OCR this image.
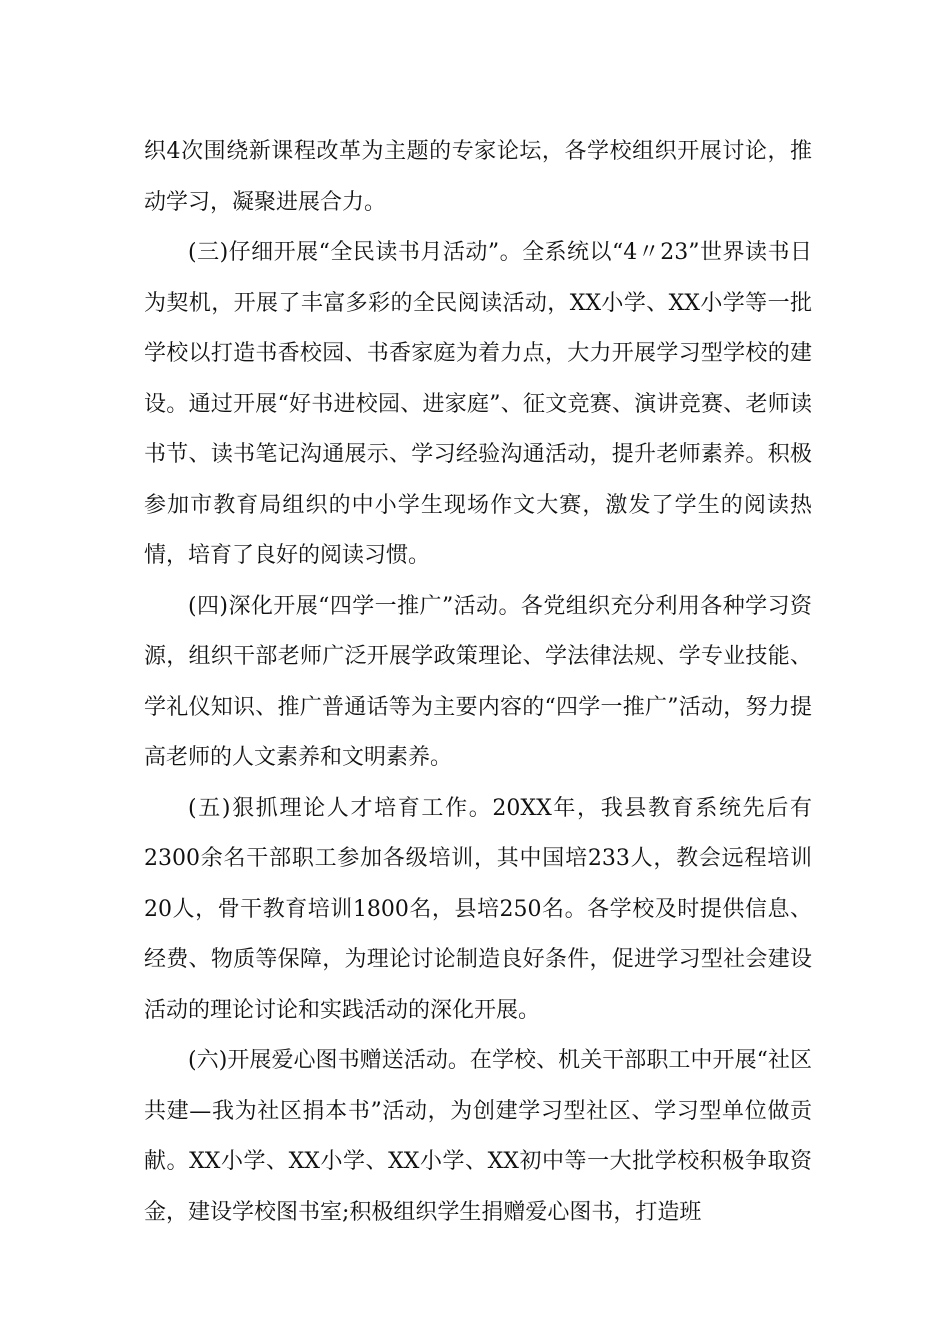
织4次围绕新课程改革为主题的专家论坛，各学校组织开展讨论，推动学习，凝聚进展合力。

(三)仔细开展“全民读书月活动”。全系统以“4〃23”世界读书日为契机，开展了丰富多彩的全民阅读活动，XX小学、XX小学等一批学校以打造书香校园、书香家庭为着力点，大力开展学习型学校的建设。通过开展“好书进校园、进家庭”、征文竞赛、演讲竞赛、老师读书节、读书笔记沟通展示、学习经验沟通活动，提升老师素养。积极参加市教育局组织的中小学生现场作文大赛，激发了学生的阅读热情，培育了良好的阅读习惯。

(四)深化开展“四学一推广”活动。各党组织充分利用各种学习资源，组织干部老师广泛开展学政策理论、学法律法规、学专业技能、学礼仪知识、推广普通话等为主要内容的“四学一推广”活动，努力提高老师的人文素养和文明素养。

(五)狠抓理论人才培育工作。20XX年，我县教育系统先后有2300余名干部职工参加各级培训，其中国培233人，教会远程培训20人，骨干教育培训1800名，县培250名。各学校及时提供信息、经费、物质等保障，为理论讨论制造良好条件，促进学习型社会建设活动的理论讨论和实践活动的深化开展。

(六)开展爱心图书赠送活动。在学校、机关干部职工中开展“社区共建—我为社区捐本书”活动，为创建学习型社区、学习型单位做贡献。XX小学、XX小学、XX小学、XX初中等一大批学校积极争取资金，建设学校图书室;积极组织学生捐赠爱心图书，打造班
